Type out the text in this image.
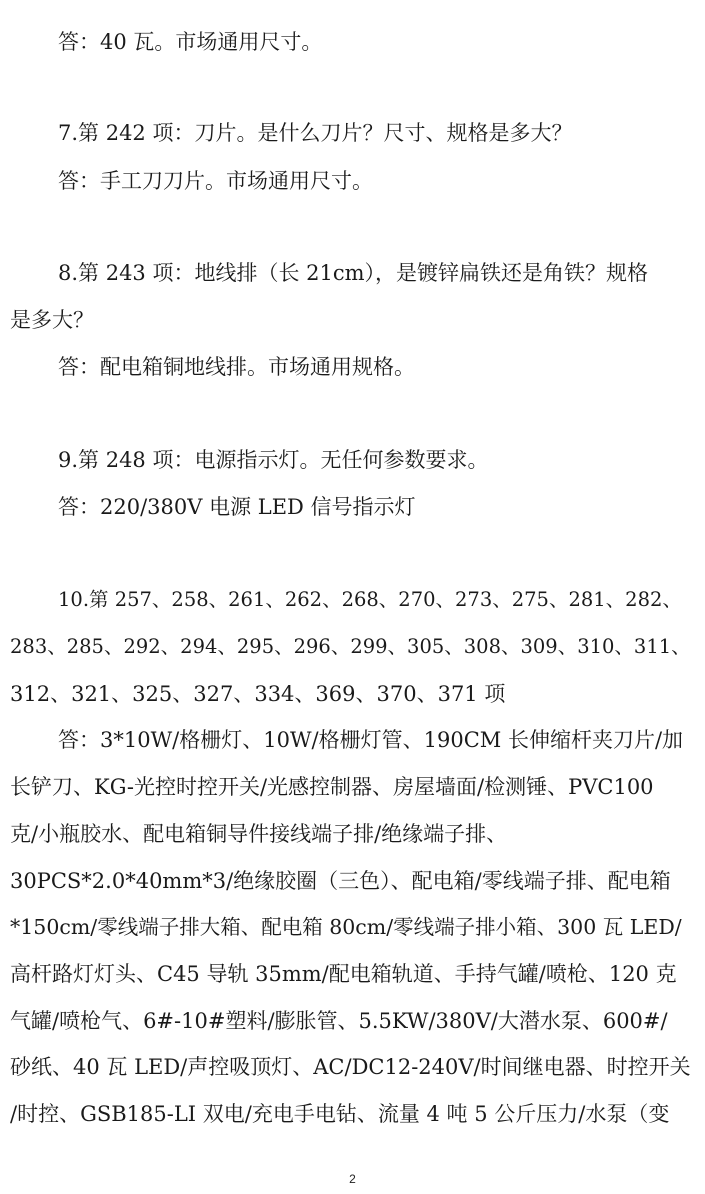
答：40 瓦。市场通用尺寸。
7.第 242 项：刀片。是什么刀片？尺寸、规格是多大？
答：手工刀刀片。市场通用尺寸。
8.第 243 项：地线排（长 21cm），是镀锌扁铁还是角铁？规格
是多大？
答：配电箱铜地线排。市场通用规格。
9.第 248 项：电源指示灯。无任何参数要求。
答：220/380V 电源 LED 信号指示灯
10.第 257、258、261、262、268、270、273、275、281、282、
283、285、292、294、295、296、299、305、308、309、310、311、
312、321、325、327、334、369、370、371 项
答：3*10W/格栅灯、10W/格栅灯管、190CM 长伸缩杆夹刀片/加
长铲刀、KG-光控时控开关/光感控制器、房屋墙面/检测锤、PVC100
克/小瓶胶水、配电箱铜导件接线端子排/绝缘端子排、
30PCS*2.0*40mm*3/绝缘胶圈（三色）、配电箱/零线端子排、配电箱
*150cm/零线端子排大箱、配电箱 80cm/零线端子排小箱、300 瓦 LED/
高杆路灯灯头、C45 导轨 35mm/配电箱轨道、手持气罐/喷枪、120 克
气罐/喷枪气、6#-10#塑料/膨胀管、5.5KW/380V/大潜水泵、600#/
砂纸、40 瓦 LED/声控吸顶灯、AC/DC12-240V/时间继电器、时控开关
/时控、GSB185-LI 双电/充电手电钻、流量 4 吨 5 公斤压力/水泵（变
2
